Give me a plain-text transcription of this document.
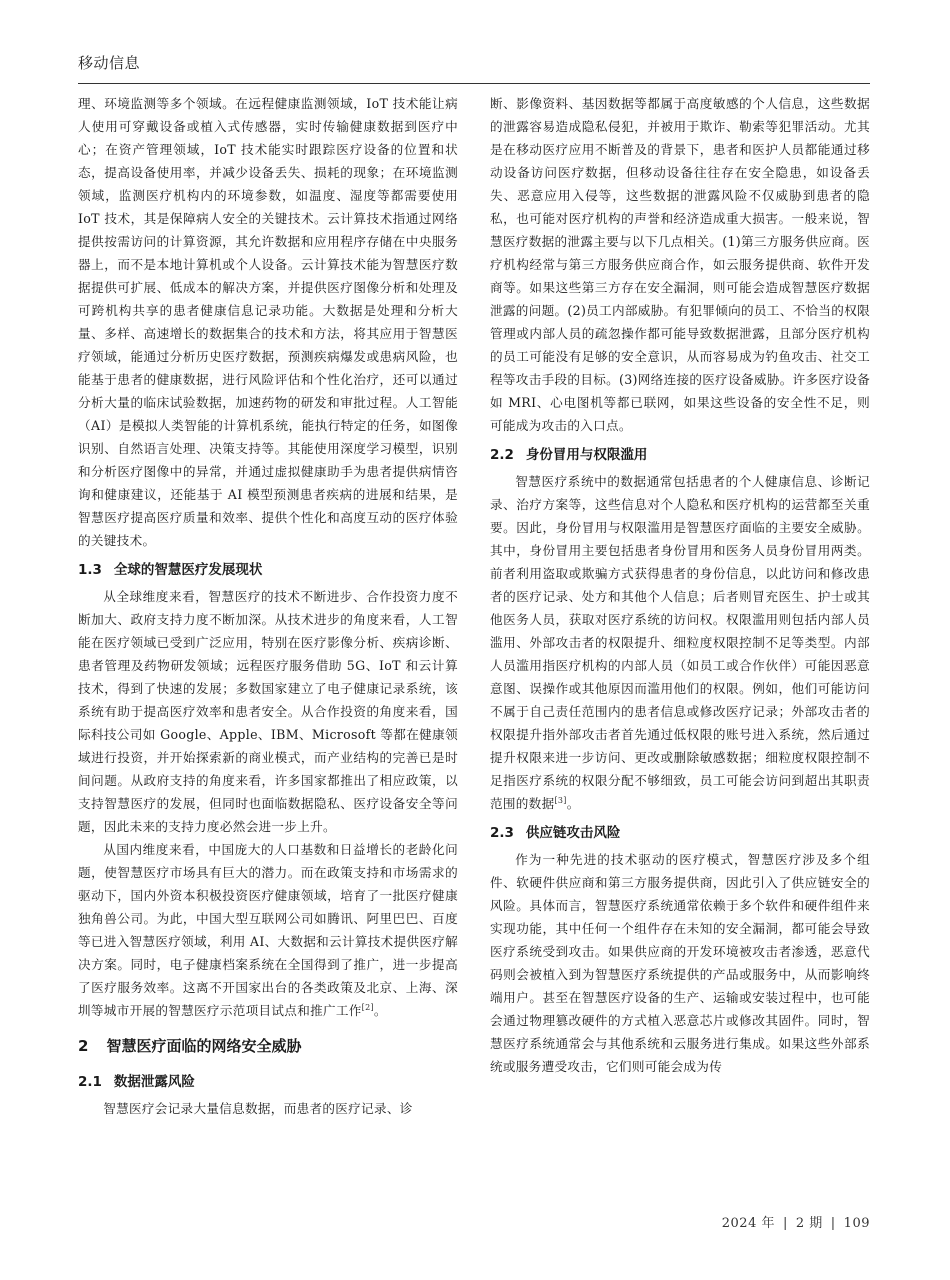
移动信息

理、环境监测等多个领域。在远程健康监测领域，IoT 技术能让病人使用可穿戴设备或植入式传感器，实时传输健康数据到医疗中心；在资产管理领域，IoT 技术能实时跟踪医疗设备的位置和状态，提高设备使用率，并减少设备丢失、损耗的现象；在环境监测领域，监测医疗机构内的环境参数，如温度、湿度等都需要使用 IoT 技术，其是保障病人安全的关键技术。云计算技术指通过网络提供按需访问的计算资源，其允许数据和应用程序存储在中央服务器上，而不是本地计算机或个人设备。云计算技术能为智慧医疗数据提供可扩展、低成本的解决方案，并提供医疗图像分析和处理及可跨机构共享的患者健康信息记录功能。大数据是处理和分析大量、多样、高速增长的数据集合的技术和方法，将其应用于智慧医疗领域，能通过分析历史医疗数据，预测疾病爆发或患病风险，也能基于患者的健康数据，进行风险评估和个性化治疗，还可以通过分析大量的临床试验数据，加速药物的研发和审批过程。人工智能（AI）是模拟人类智能的计算机系统，能执行特定的任务，如图像识别、自然语言处理、决策支持等。其能使用深度学习模型，识别和分析医疗图像中的异常，并通过虚拟健康助手为患者提供病情咨询和健康建议，还能基于 AI 模型预测患者疾病的进展和结果，是智慧医疗提高医疗质量和效率、提供个性化和高度互动的医疗体验的关键技术。

1.3 全球的智慧医疗发展现状

从全球维度来看，智慧医疗的技术不断进步、合作投资力度不断加大、政府支持力度不断加深。从技术进步的角度来看，人工智能在医疗领域已受到广泛应用，特别在医疗影像分析、疾病诊断、患者管理及药物研发领域；远程医疗服务借助 5G、IoT 和云计算技术，得到了快速的发展；多数国家建立了电子健康记录系统，该系统有助于提高医疗效率和患者安全。从合作投资的角度来看，国际科技公司如 Google、Apple、IBM、Microsoft 等都在健康领域进行投资，并开始探索新的商业模式，而产业结构的完善已是时间问题。从政府支持的角度来看，许多国家都推出了相应政策，以支持智慧医疗的发展，但同时也面临数据隐私、医疗设备安全等问题，因此未来的支持力度必然会进一步上升。

从国内维度来看，中国庞大的人口基数和日益增长的老龄化问题，使智慧医疗市场具有巨大的潜力。而在政策支持和市场需求的驱动下，国内外资本积极投资医疗健康领域，培育了一批医疗健康独角兽公司。为此，中国大型互联网公司如腾讯、阿里巴巴、百度等已进入智慧医疗领域，利用 AI、大数据和云计算技术提供医疗解决方案。同时，电子健康档案系统在全国得到了推广，进一步提高了医疗服务效率。这离不开国家出台的各类政策及北京、上海、深圳等城市开展的智慧医疗示范项目试点和推广工作[2]。

2 智慧医疗面临的网络安全威胁
2.1 数据泄露风险

智慧医疗会记录大量信息数据，而患者的医疗记录、诊

断、影像资料、基因数据等都属于高度敏感的个人信息，这些数据的泄露容易造成隐私侵犯，并被用于欺诈、勒索等犯罪活动。尤其是在移动医疗应用不断普及的背景下，患者和医护人员都能通过移动设备访问医疗数据，但移动设备往往存在安全隐患，如设备丢失、恶意应用入侵等，这些数据的泄露风险不仅威胁到患者的隐私，也可能对医疗机构的声誉和经济造成重大损害。一般来说，智慧医疗数据的泄露主要与以下几点相关。(1)第三方服务供应商。医疗机构经常与第三方服务供应商合作，如云服务提供商、软件开发商等。如果这些第三方存在安全漏洞，则可能会造成智慧医疗数据泄露的问题。(2)员工内部威胁。有犯罪倾向的员工、不恰当的权限管理或内部人员的疏忽操作都可能导致数据泄露，且部分医疗机构的员工可能没有足够的安全意识，从而容易成为钓鱼攻击、社交工程等攻击手段的目标。(3)网络连接的医疗设备威胁。许多医疗设备如 MRI、心电图机等都已联网，如果这些设备的安全性不足，则可能成为攻击的入口点。

2.2 身份冒用与权限滥用

智慧医疗系统中的数据通常包括患者的个人健康信息、诊断记录、治疗方案等，这些信息对个人隐私和医疗机构的运营都至关重要。因此，身份冒用与权限滥用是智慧医疗面临的主要安全威胁。其中，身份冒用主要包括患者身份冒用和医务人员身份冒用两类。前者利用盗取或欺骗方式获得患者的身份信息，以此访问和修改患者的医疗记录、处方和其他个人信息；后者则冒充医生、护士或其他医务人员，获取对医疗系统的访问权。权限滥用则包括内部人员滥用、外部攻击者的权限提升、细粒度权限控制不足等类型。内部人员滥用指医疗机构的内部人员（如员工或合作伙伴）可能因恶意意图、误操作或其他原因而滥用他们的权限。例如，他们可能访问不属于自己责任范围内的患者信息或修改医疗记录；外部攻击者的权限提升指外部攻击者首先通过低权限的账号进入系统，然后通过提升权限来进一步访问、更改或删除敏感数据；细粒度权限控制不足指医疗系统的权限分配不够细致，员工可能会访问到超出其职责范围的数据[3]。

2.3 供应链攻击风险

作为一种先进的技术驱动的医疗模式，智慧医疗涉及多个组件、软硬件供应商和第三方服务提供商，因此引入了供应链安全的风险。具体而言，智慧医疗系统通常依赖于多个软件和硬件组件来实现功能，其中任何一个组件存在未知的安全漏洞，都可能会导致医疗系统受到攻击。如果供应商的开发环境被攻击者渗透，恶意代码则会被植入到为智慧医疗系统提供的产品或服务中，从而影响终端用户。甚至在智慧医疗设备的生产、运输或安装过程中，也可能会通过物理篡改硬件的方式植入恶意芯片或修改其固件。同时，智慧医疗系统通常会与其他系统和云服务进行集成。如果这些外部系统或服务遭受攻击，它们则可能会成为传

2024 年 | 2 期 | 109
